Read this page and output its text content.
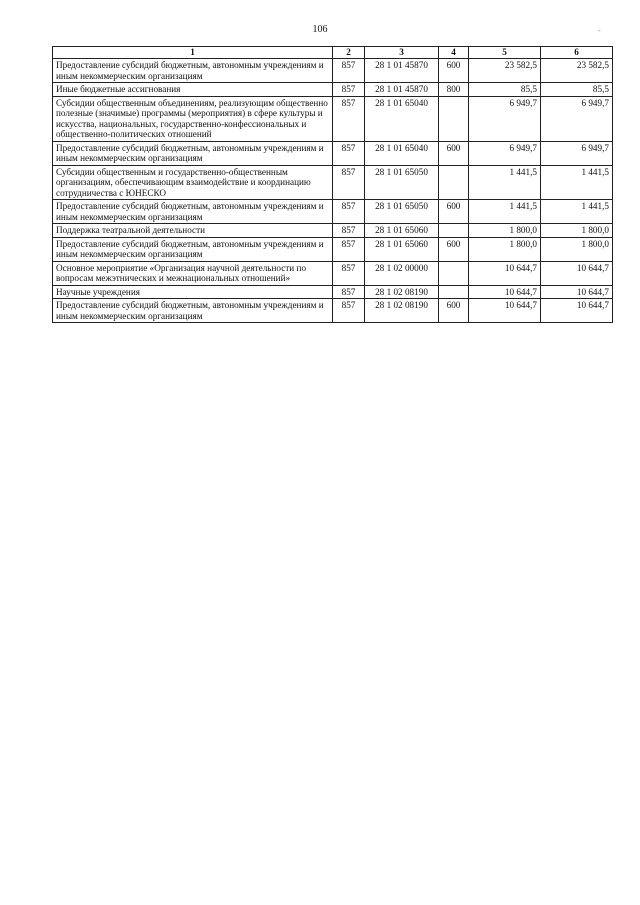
106	-
1	2	3	4	5	6
Предоставление субсидий бюджетным, автономным учреждениям и иным некоммерческим организациям	857	28 1 01 45870	600	23 582,5	23 582,5
Иные бюджетные ассигнования	857	28 1 01 45870	800	85,5	85,5
Субсидии общественным объединениям, реализующим общественно полезные (значимые) программы (мероприятия) в сфере культуры и искусства, национальных, государственно-конфессиональных и общественно-политических отношений	857	28 1 01 65040		6 949,7	6 949,7
Предоставление субсидий бюджетным, автономным учреждениям и иным некоммерческим организациям	857	28 1 01 65040	600	6 949,7	6 949,7
Субсидии общественным и государственно-общественным организациям, обеспечивающим взаимодействие и координацию сотрудничества с ЮНЕСКО	857	28 1 01 65050		1 441,5	1 441,5
Предоставление субсидий бюджетным, автономным учреждениям и иным некоммерческим организациям	857	28 1 01 65050	600	1 441,5	1 441,5
Поддержка театральной деятельности	857	28 1 01 65060		1 800,0	1 800,0
Предоставление субсидий бюджетным, автономным учреждениям и иным некоммерческим организациям	857	28 1 01 65060	600	1 800,0	1 800,0
Основное мероприятие «Организация научной деятельности по вопросам межэтнических и межнациональных отношений»	857	28 1 02 00000		10 644,7	10 644,7
Научные учреждения	857	28 1 02 08190		10 644,7	10 644,7
Предоставление субсидий бюджетным, автономным учреждениям и иным некоммерческим организациям	857	28 1 02 08190	600	10 644,7	10 644,7
